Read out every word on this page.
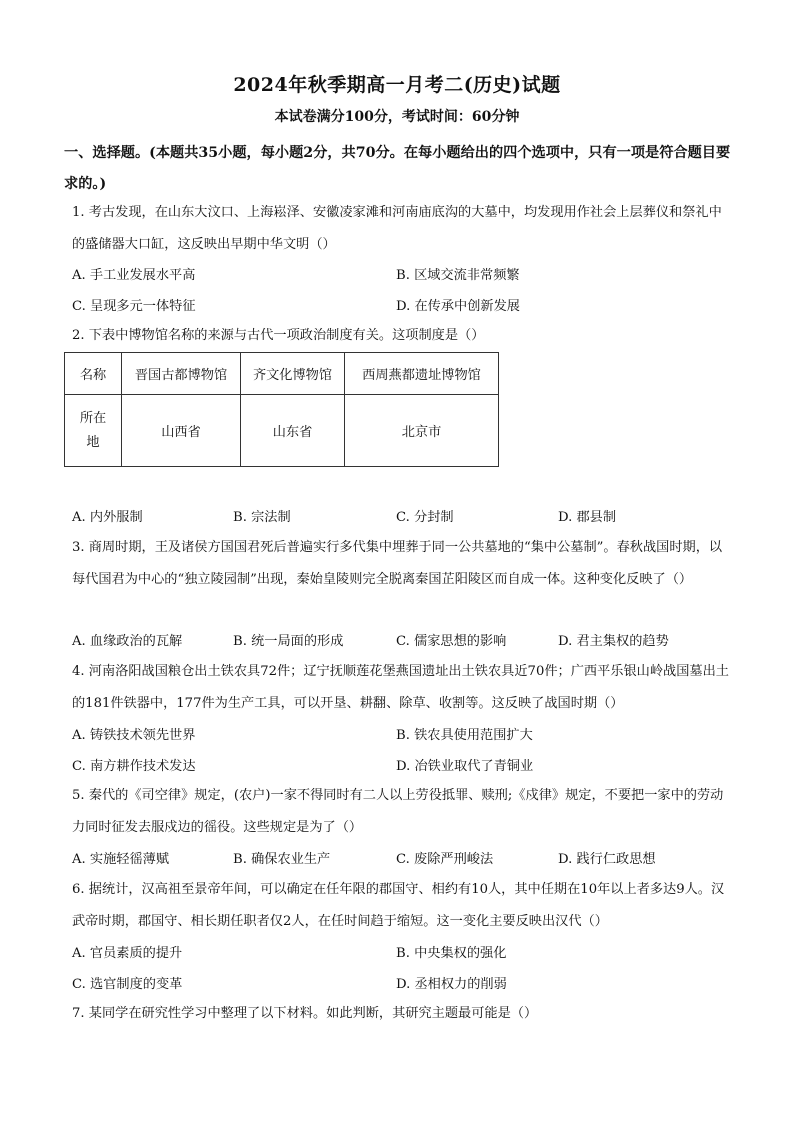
2024年秋季期高一月考二(历史)试题
本试卷满分100分，考试时间：60分钟
一、选择题。(本题共35小题，每小题2分，共70分。在每小题给出的四个选项中，只有一项是符合题目要求的。)
1. 考古发现，在山东大汶口、上海崧泽、安徽凌家滩和河南庙底沟的大墓中，均发现用作社会上层葬仪和祭礼中的盛储器大口缸，这反映出早期中华文明（）
A. 手工业发展水平高	B. 区域交流非常频繁
C. 呈现多元一体特征	D. 在传承中创新发展
2. 下表中博物馆名称的来源与古代一项政治制度有关。这项制度是（）
名称	晋国古都博物馆	齐文化博物馆	西周燕都遗址博物馆
所在地	山西省	山东省	北京市
A. 内外服制	B. 宗法制	C. 分封制	D. 郡县制
3. 商周时期，王及诸侯方国国君死后普遍实行多代集中埋葬于同一公共墓地的“集中公墓制”。春秋战国时期，以每代国君为中心的“独立陵园制”出现，秦始皇陵则完全脱离秦国芷阳陵区而自成一体。这种变化反映了（）
A. 血缘政治的瓦解	B. 统一局面的形成	C. 儒家思想的影响	D. 君主集权的趋势
4. 河南洛阳战国粮仓出土铁农具72件；辽宁抚顺莲花堡燕国遗址出土铁农具近70件；广西平乐银山岭战国墓出土的181件铁器中，177件为生产工具，可以开垦、耕翻、除草、收割等。这反映了战国时期（）
A. 铸铁技术领先世界	B. 铁农具使用范围扩大
C. 南方耕作技术发达	D. 冶铁业取代了青铜业
5. 秦代的《司空律》规定，(农户)一家不得同时有二人以上劳役抵罪、赎刑;《戍律》规定，不要把一家中的劳动力同时征发去服戍边的徭役。这些规定是为了（）
A. 实施轻徭薄赋	B. 确保农业生产	C. 废除严刑峻法	D. 践行仁政思想
6. 据统计，汉高祖至景帝年间，可以确定在任年限的郡国守、相约有10人，其中任期在10年以上者多达9人。汉武帝时期，郡国守、相长期任职者仅2人，在任时间趋于缩短。这一变化主要反映出汉代（）
A. 官员素质的提升	B. 中央集权的强化
C. 选官制度的变革	D. 丞相权力的削弱
7. 某同学在研究性学习中整理了以下材料。如此判断，其研究主题最可能是（）
